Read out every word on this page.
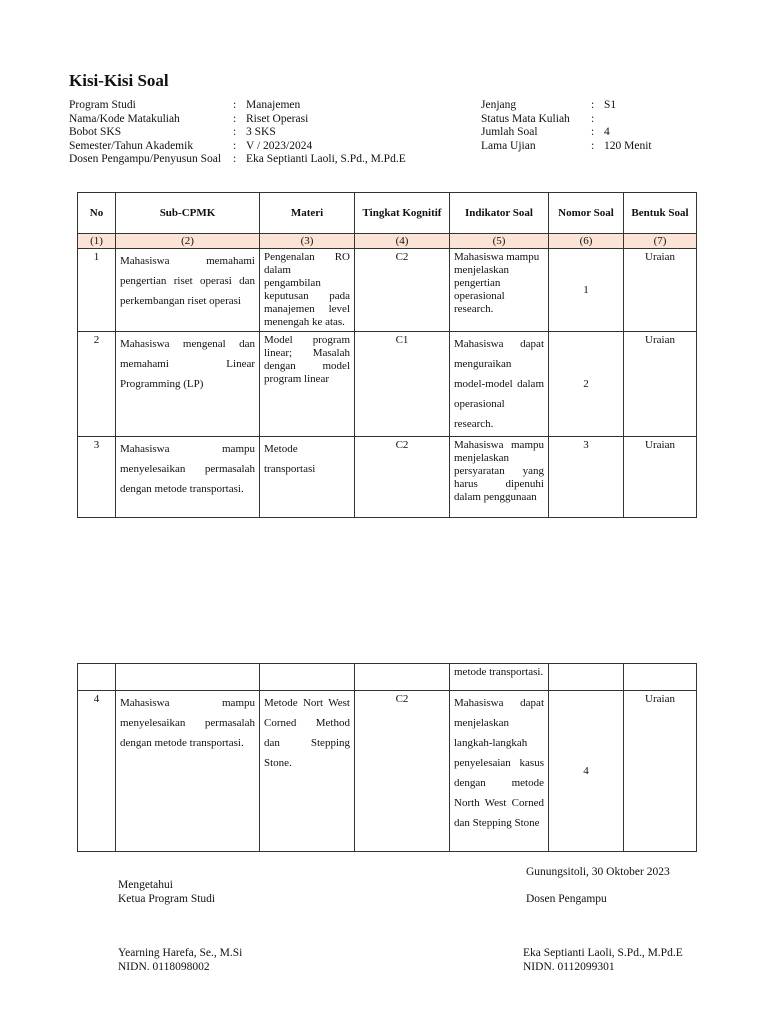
Kisi-Kisi Soal
Program Studi	: Manajemen
Nama/Kode Matakuliah	: Riset Operasi
Bobot SKS	: 3 SKS
Semester/Tahun Akademik	: V / 2023/2024
Dosen Pengampu/Penyusun Soal	: Eka Septianti Laoli, S.Pd., M.Pd.E
Jenjang	: S1
Status Mata Kuliah	:
Jumlah Soal	: 4
Lama Ujian	: 120 Menit
No	Sub-CPMK	Materi	Tingkat Kognitif	Indikator Soal	Nomor Soal	Bentuk Soal
(1)	(2)	(3)	(4)	(5)	(6)	(7)
1	Mahasiswa memahami pengertian riset operasi dan perkembangan riset operasi	Pengenalan RO dalam pengambilan keputusan pada manajemen level menengah ke atas.	C2	Mahasiswa mampu menjelaskan pengertian operasional research.	1	Uraian
2	Mahasiswa mengenal dan memahami Linear Programming (LP)	Model program linear; Masalah dengan model program linear	C1	Mahasiswa dapat menguraikan model-model dalam operasional research.	2	Uraian
3	Mahasiswa mampu menyelesaikan permasalah dengan metode transportasi.	Metode transportasi	C2	Mahasiswa mampu menjelaskan persyaratan yang harus dipenuhi dalam penggunaan	3	Uraian
				metode transportasi.		
4	Mahasiswa mampu menyelesaikan permasalah dengan metode transportasi.	Metode Nort West Corned Method dan Stepping Stone.	C2	Mahasiswa dapat menjelaskan langkah-langkah penyelesaian kasus dengan metode North West Corned dan Stepping Stone	4	Uraian
Gunungsitoli, 30 Oktober 2023
Mengetahui
Ketua Program Studi	Dosen Pengampu
Yearning Harefa, Se., M.Si
NIDN. 0118098002
Eka Septianti Laoli, S.Pd., M.Pd.E
NIDN. 0112099301
